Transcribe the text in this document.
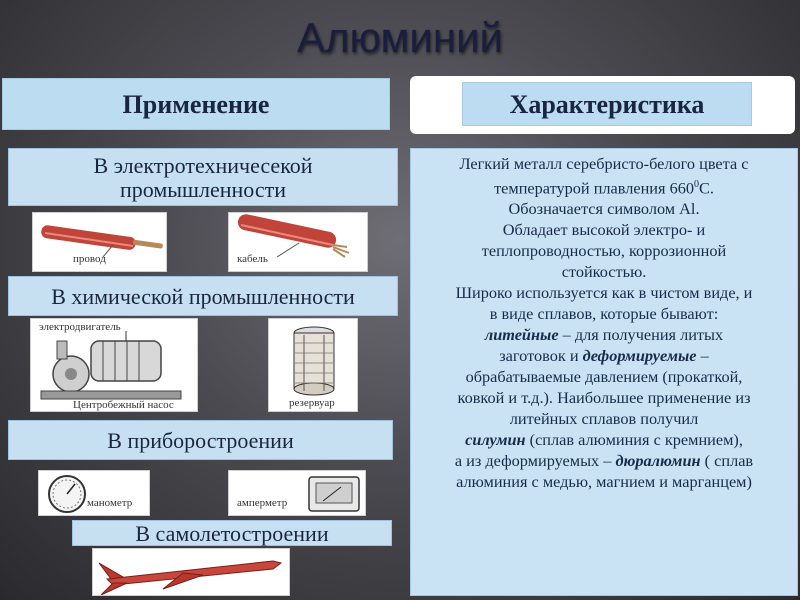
Алюминий
Применение	Характеристика
В электротехничесекой промышленности
провод	кабель
В химической промышленности
электродвигатель
Центробежный насос	резервуар
В приборостроении
манометр	амперметр
В самолетостроении
Легкий металл серебристо-белого цвета с
температурой плавления $660^0С$.
Обозначается символом Al.
Обладает высокой электро- и
теплопроводностью, коррозионной
стойкостью.
Широко используется как в чистом виде, и
в виде сплавов, которые бывают:
литейные – для получения литых
заготовок и деформируемые –
обрабатываемые давлением (прокаткой,
ковкой и т.д.). Наибольшее применение из
литейных сплавов получил
силумин (сплав алюминия с кремнием),
а из деформируемых – дюралюмин ( сплав
алюминия с медью, магнием и марганцем)
